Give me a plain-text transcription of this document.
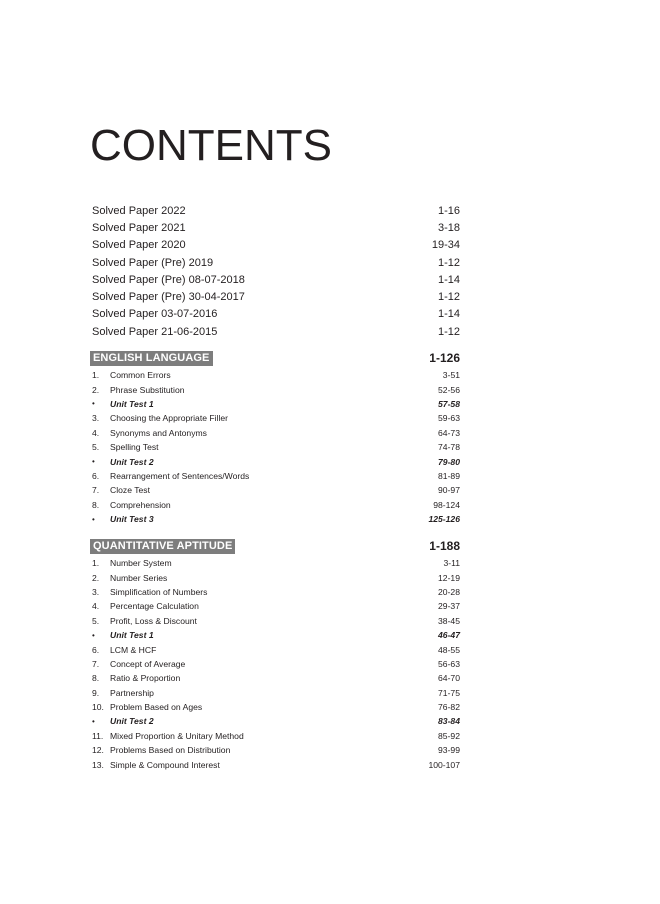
CONTENTS
Solved Paper 2022	1-16
Solved Paper 2021	3-18
Solved Paper 2020	19-34
Solved Paper (Pre) 2019	1-12
Solved Paper (Pre) 08-07-2018	1-14
Solved Paper (Pre) 30-04-2017	1-12
Solved Paper 03-07-2016	1-14
Solved Paper 21-06-2015	1-12
ENGLISH LANGUAGE	1-126
1.	Common Errors	3-51
2.	Phrase Substitution	52-56
•	Unit Test 1	57-58
3.	Choosing the Appropriate Filler	59-63
4.	Synonyms and Antonyms	64-73
5.	Spelling Test	74-78
•	Unit Test 2	79-80
6.	Rearrangement of Sentences/Words	81-89
7.	Cloze Test	90-97
8.	Comprehension	98-124
•	Unit Test 3	125-126
QUANTITATIVE APTITUDE	1-188
1.	Number System	3-11
2.	Number Series	12-19
3.	Simplification of Numbers	20-28
4.	Percentage Calculation	29-37
5.	Profit, Loss & Discount	38-45
•	Unit Test 1	46-47
6.	LCM & HCF	48-55
7.	Concept of Average	56-63
8.	Ratio & Proportion	64-70
9.	Partnership	71-75
10. Problem Based on Ages	76-82
•	Unit Test 2	83-84
11. Mixed Proportion & Unitary Method	85-92
12. Problems Based on Distribution	93-99
13. Simple & Compound Interest	100-107
